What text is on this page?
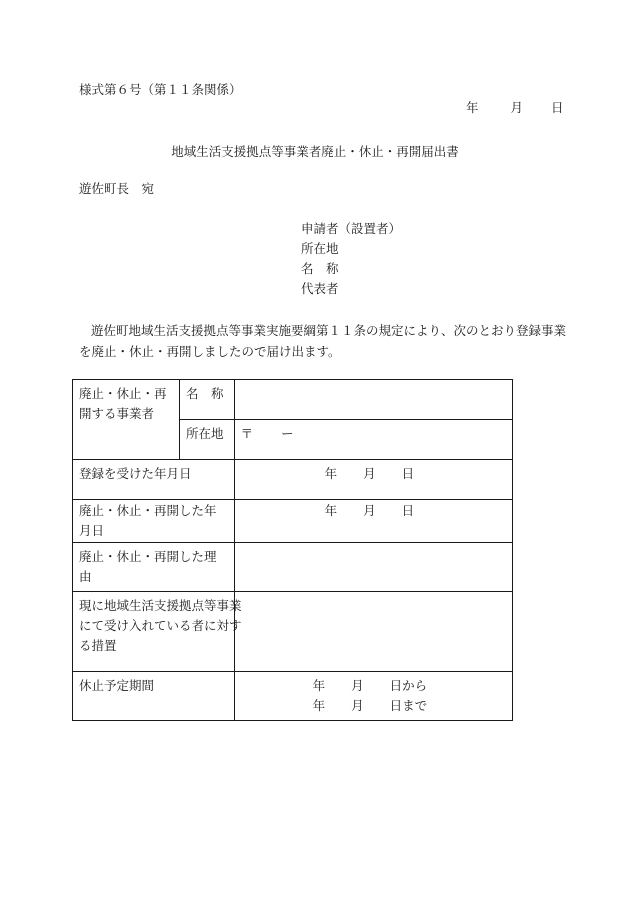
様式第６号（第１１条関係）
年	月 日
地域生活支援拠点等事業者廃止・休止・再開届出書
遊佐町長　宛
申請者（設置者）
所在地
名　称
代表者
遊佐町地域生活支援拠点等事業実施要綱第１１条の規定により、次のとおり登録事業
を廃止・休止・再開しましたので届け出ます。
廃止・休止・再開する事業者	名　称	
	所在地	〒 ー
登録を受けた年月日		年 月 日
廃止・休止・再開した年月日		年 月 日
廃止・休止・再開した理由		

現に地域生活支援拠点等事業にて受け入れている者に対する措置		

休止予定期間		年 月 日から
年 月 日まで
